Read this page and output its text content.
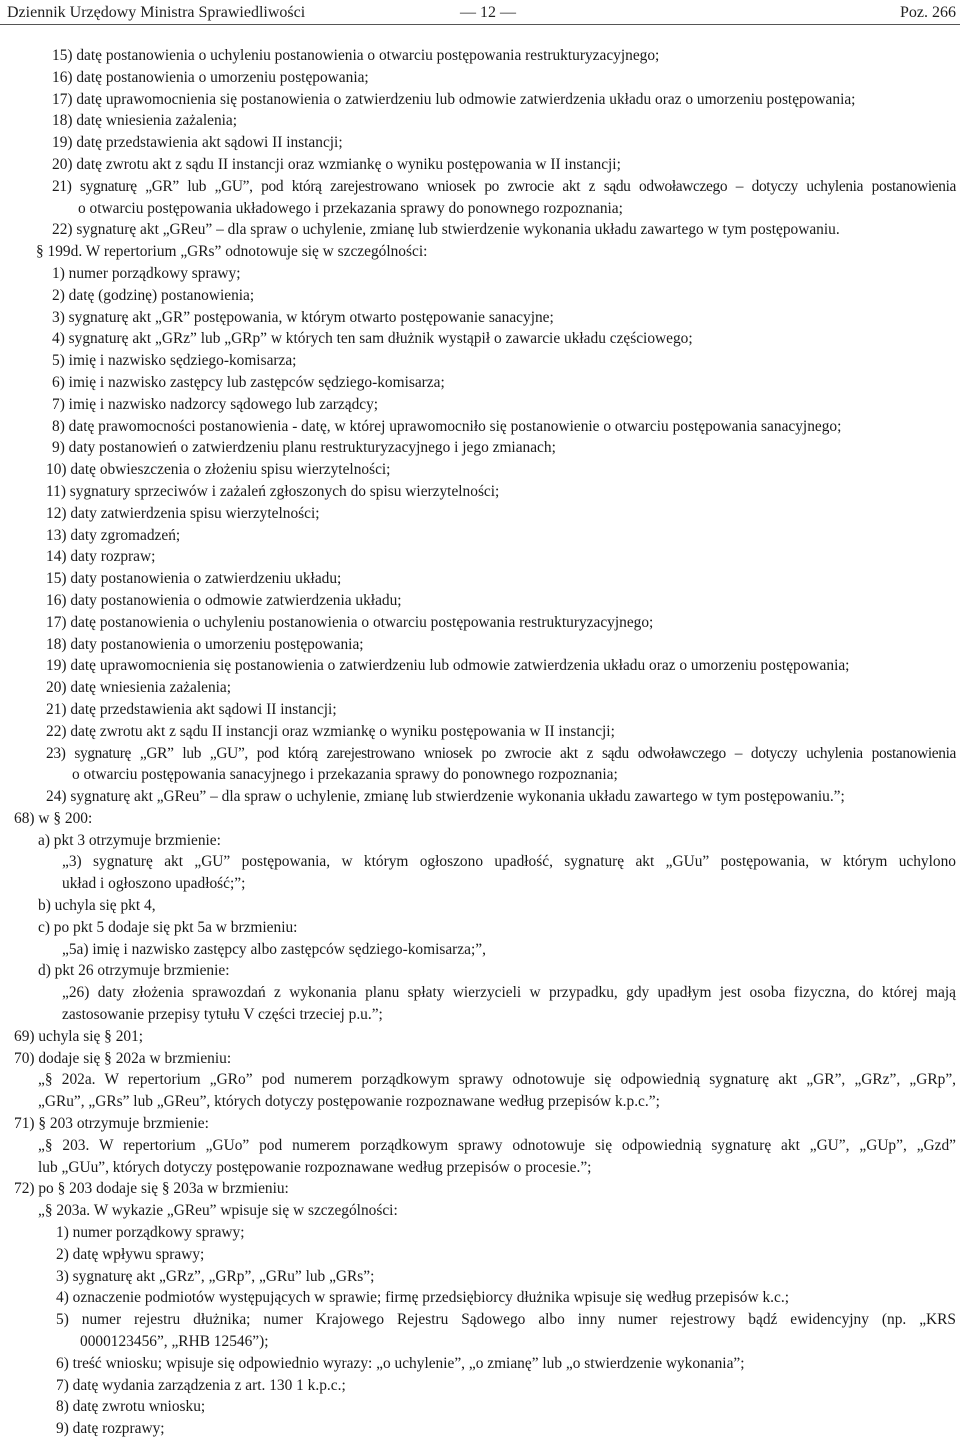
Dziennik Urzędowy Ministra Sprawiedliwości	— 12 —	Poz. 266
15) datę postanowienia o uchyleniu postanowienia o otwarciu postępowania restrukturyzacyjnego;
16) datę postanowienia o umorzeniu postępowania;
17) datę uprawomocnienia się postanowienia o zatwierdzeniu lub odmowie zatwierdzenia układu oraz o umorzeniu postępowania;
18) datę wniesienia zażalenia;
19) datę przedstawienia akt sądowi II instancji;
20) datę zwrotu akt z sądu II instancji oraz wzmiankę o wyniku postępowania w II instancji;
21) sygnaturę „GR” lub „GU”, pod którą zarejestrowano wniosek po zwrocie akt z sądu odwoławczego – dotyczy uchylenia postanowienia
o otwarciu postępowania układowego i przekazania sprawy do ponownego rozpoznania;
22) sygnaturę akt „GReu” – dla spraw o uchylenie, zmianę lub stwierdzenie wykonania układu zawartego w tym postępowaniu.
§ 199d. W repertorium „GRs” odnotowuje się w szczególności:
1) numer porządkowy sprawy;
2) datę (godzinę) postanowienia;
3) sygnaturę akt „GR” postępowania, w którym otwarto postępowanie sanacyjne;
4) sygnaturę akt „GRz” lub „GRp” w których ten sam dłużnik wystąpił o zawarcie układu częściowego;
5) imię i nazwisko sędziego-komisarza;
6) imię i nazwisko zastępcy lub zastępców sędziego-komisarza;
7) imię i nazwisko nadzorcy sądowego lub zarządcy;
8) datę prawomocności postanowienia - datę, w której uprawomocniło się postanowienie o otwarciu postępowania sanacyjnego;
9) daty postanowień o zatwierdzeniu planu restrukturyzacyjnego i jego zmianach;
10) datę obwieszczenia o złożeniu spisu wierzytelności;
11) sygnatury sprzeciwów i zażaleń zgłoszonych do spisu wierzytelności;
12) daty zatwierdzenia spisu wierzytelności;
13) daty zgromadzeń;
14) daty rozpraw;
15) daty postanowienia o zatwierdzeniu układu;
16) daty postanowienia o odmowie zatwierdzenia układu;
17) datę postanowienia o uchyleniu postanowienia o otwarciu postępowania restrukturyzacyjnego;
18) daty postanowienia o umorzeniu postępowania;
19) datę uprawomocnienia się postanowienia o zatwierdzeniu lub odmowie zatwierdzenia układu oraz o umorzeniu postępowania;
20) datę wniesienia zażalenia;
21) datę przedstawienia akt sądowi II instancji;
22) datę zwrotu akt z sądu II instancji oraz wzmiankę o wyniku postępowania w II instancji;
23) sygnaturę „GR” lub „GU”, pod którą zarejestrowano wniosek po zwrocie akt z sądu odwoławczego – dotyczy uchylenia postanowienia
o otwarciu postępowania sanacyjnego i przekazania sprawy do ponownego rozpoznania;
24) sygnaturę akt „GReu” – dla spraw o uchylenie, zmianę lub stwierdzenie wykonania układu zawartego w tym postępowaniu.”;
68) w § 200:
a) pkt 3 otrzymuje brzmienie:
„3) sygnaturę akt „GU” postępowania, w którym ogłoszono upadłość, sygnaturę akt „GUu” postępowania, w którym uchylono
układ i ogłoszono upadłość;”;
b) uchyla się pkt 4,
c) po pkt 5 dodaje się pkt 5a w brzmieniu:
„5a) imię i nazwisko zastępcy albo zastępców sędziego-komisarza;”,
d) pkt 26 otrzymuje brzmienie:
„26) daty złożenia sprawozdań z wykonania planu spłaty wierzycieli w przypadku, gdy upadłym jest osoba fizyczna, do której mają
zastosowanie przepisy tytułu V części trzeciej p.u.”;
69) uchyla się § 201;
70) dodaje się § 202a w brzmieniu:
„§ 202a. W repertorium „GRo” pod numerem porządkowym sprawy odnotowuje się odpowiednią sygnaturę akt „GR”, „GRz”, „GRp”,
„GRu”, „GRs” lub „GReu”, których dotyczy postępowanie rozpoznawane według przepisów k.p.c.”;
71) § 203 otrzymuje brzmienie:
„§ 203. W repertorium „GUo” pod numerem porządkowym sprawy odnotowuje się odpowiednią sygnaturę akt „GU”, „GUp”, „Gzd”
lub „GUu”, których dotyczy postępowanie rozpoznawane według przepisów o procesie.”;
72) po § 203 dodaje się § 203a w brzmieniu:
„§ 203a. W wykazie „GReu” wpisuje się w szczególności:
1) numer porządkowy sprawy;
2) datę wpływu sprawy;
3) sygnaturę akt „GRz”, „GRp”, „GRu” lub „GRs”;
4) oznaczenie podmiotów występujących w sprawie; firmę przedsiębiorcy dłużnika wpisuje się według przepisów k.c.;
5) numer rejestru dłużnika; numer Krajowego Rejestru Sądowego albo inny numer rejestrowy bądź ewidencyjny (np. „KRS
0000123456”, „RHB 12546”);
6) treść wniosku; wpisuje się odpowiednio wyrazy: „o uchylenie”, „o zmianę” lub „o stwierdzenie wykonania”;
7) datę wydania zarządzenia z art. 130 1 k.p.c.;
8) datę zwrotu wniosku;
9) datę rozprawy;
